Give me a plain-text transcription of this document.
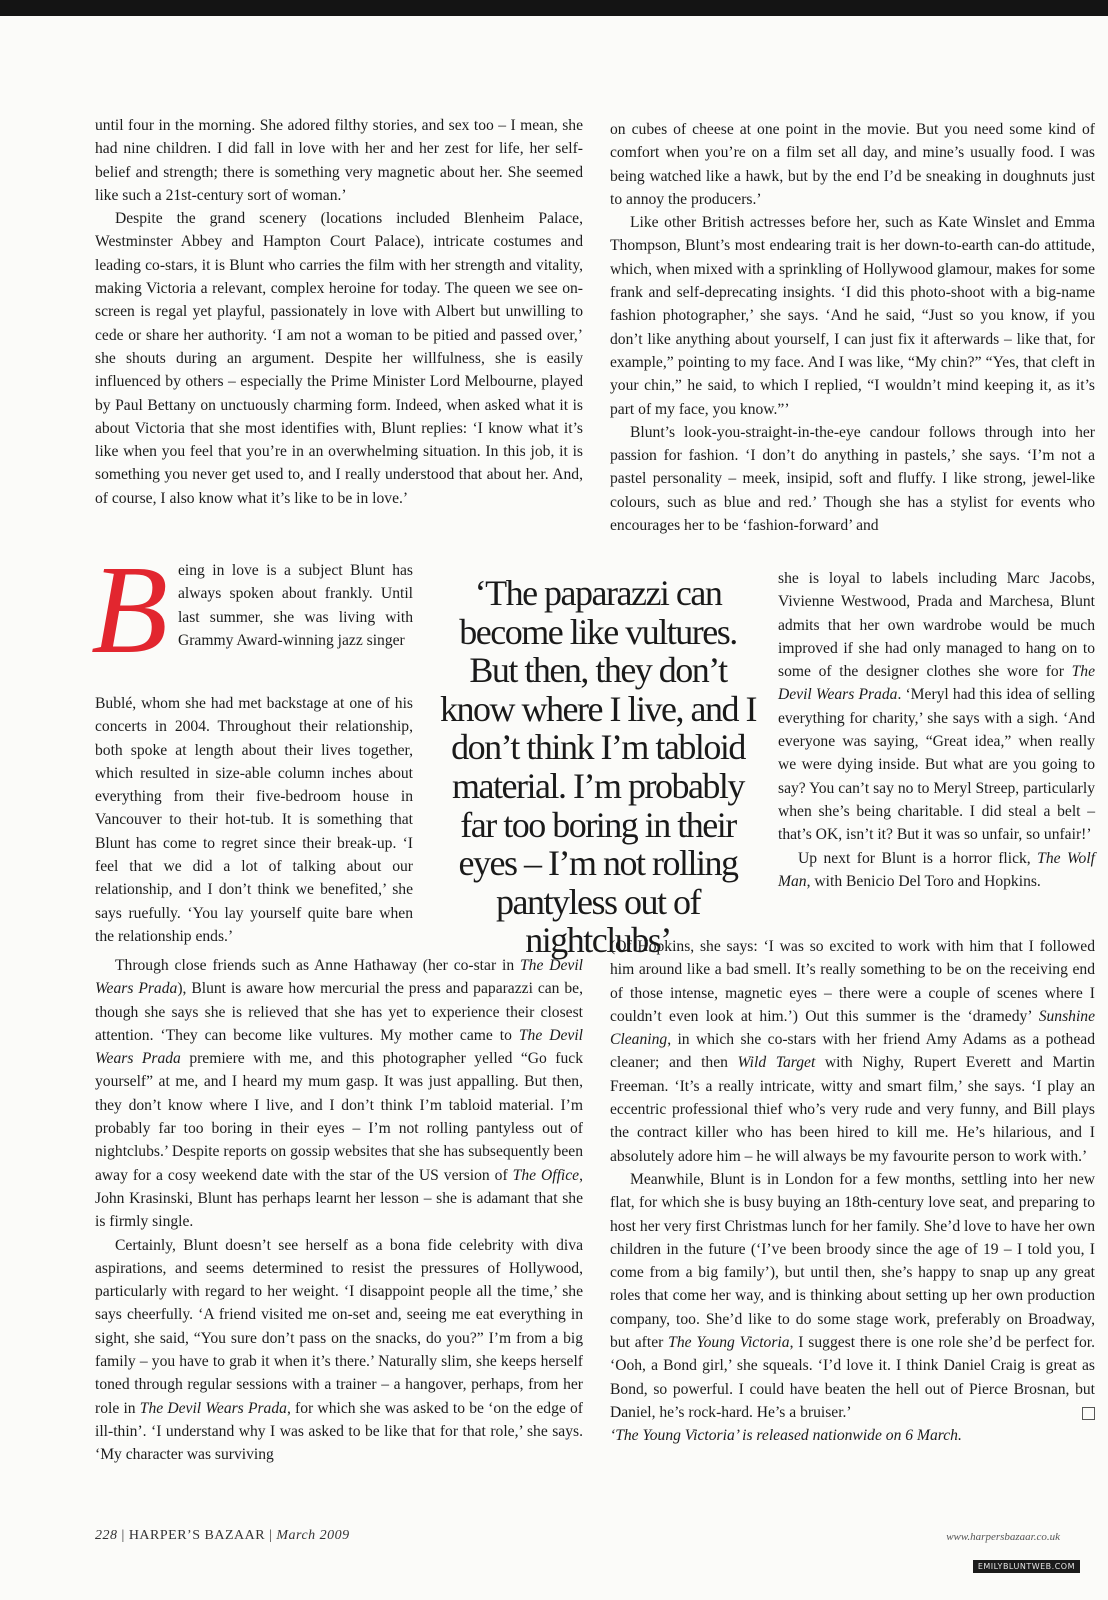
until four in the morning. She adored filthy stories, and sex too – I mean, she had nine children. I did fall in love with her and her zest for life, her self-belief and strength; there is something very magnetic about her. She seemed like such a 21st-century sort of woman.’

Despite the grand scenery (locations included Blenheim Palace, Westminster Abbey and Hampton Court Palace), intricate costumes and leading co-stars, it is Blunt who carries the film with her strength and vitality, making Victoria a relevant, complex heroine for today. The queen we see on-screen is regal yet playful, passionately in love with Albert but unwilling to cede or share her authority. ‘I am not a woman to be pitied and passed over,’ she shouts during an argument. Despite her willfulness, she is easily influenced by others – especially the Prime Minister Lord Melbourne, played by Paul Bettany on unctuously charming form. Indeed, when asked what it is about Victoria that she most identifies with, Blunt replies: ‘I know what it’s like when you feel that you’re in an overwhelming situation. In this job, it is something you never get used to, and I really understood that about her. And, of course, I also know what it’s like to be in love.’

Being in love is a subject Blunt has always spoken about frankly. Until last summer, she was living with Grammy Award-winning jazz singer

Bublé, whom she had met backstage at one of his concerts in 2004. Throughout their relationship, both spoke at length about their lives together, which resulted in size-able column inches about everything from their five-bedroom house in Vancouver to their hot-tub. It is something that Blunt has come to regret since their break-up. ‘I feel that we did a lot of talking about our relationship, and I don’t think we benefited,’ she says ruefully. ‘You lay yourself quite bare when the relationship ends.’

‘The paparazzi can become like vultures. But then, they don’t know where I live, and I don’t think I’m tabloid material. I’m probably far too boring in their eyes – I’m not rolling pantyless out of nightclubs’

Through close friends such as Anne Hathaway (her co-star in The Devil Wears Prada), Blunt is aware how mercurial the press and paparazzi can be, though she says she is relieved that she has yet to experience their closest attention. ‘They can become like vultures. My mother came to The Devil Wears Prada premiere with me, and this photographer yelled “Go fuck yourself” at me, and I heard my mum gasp. It was just appalling. But then, they don’t know where I live, and I don’t think I’m tabloid material. I’m probably far too boring in their eyes – I’m not rolling pantyless out of nightclubs.’ Despite reports on gossip websites that she has subsequently been away for a cosy weekend date with the star of the US version of The Office, John Krasinski, Blunt has perhaps learnt her lesson – she is adamant that she is firmly single.

Certainly, Blunt doesn’t see herself as a bona fide celebrity with diva aspirations, and seems determined to resist the pressures of Hollywood, particularly with regard to her weight. ‘I disappoint people all the time,’ she says cheerfully. ‘A friend visited me on-set and, seeing me eat everything in sight, she said, “You sure don’t pass on the snacks, do you?” I’m from a big family – you have to grab it when it’s there.’ Naturally slim, she keeps herself toned through regular sessions with a trainer – a hangover, perhaps, from her role in The Devil Wears Prada, for which she was asked to be ‘on the edge of ill-thin’. ‘I understand why I was asked to be like that for that role,’ she says. ‘My character was surviving

on cubes of cheese at one point in the movie. But you need some kind of comfort when you’re on a film set all day, and mine’s usually food. I was being watched like a hawk, but by the end I’d be sneaking in doughnuts just to annoy the producers.’

Like other British actresses before her, such as Kate Winslet and Emma Thompson, Blunt’s most endearing trait is her down-to-earth can-do attitude, which, when mixed with a sprinkling of Hollywood glamour, makes for some frank and self-deprecating insights. ‘I did this photo-shoot with a big-name fashion photographer,’ she says. ‘And he said, “Just so you know, if you don’t like anything about yourself, I can just fix it afterwards – like that, for example,” pointing to my face. And I was like, “My chin?” “Yes, that cleft in your chin,” he said, to which I replied, “I wouldn’t mind keeping it, as it’s part of my face, you know.”’

Blunt’s look-you-straight-in-the-eye candour follows through into her passion for fashion. ‘I don’t do anything in pastels,’ she says. ‘I’m not a pastel personality – meek, insipid, soft and fluffy. I like strong, jewel-like colours, such as blue and red.’ Though she has a stylist for events who encourages her to be ‘fashion-forward’ and

she is loyal to labels including Marc Jacobs, Vivienne Westwood, Prada and Marchesa, Blunt admits that her own wardrobe would be much improved if she had only managed to hang on to some of the designer clothes she wore for The Devil Wears Prada. ‘Meryl had this idea of selling everything for charity,’ she says with a sigh. ‘And everyone was saying, “Great idea,” when really we were dying inside. But what are you going to say? You can’t say no to Meryl Streep, particularly when she’s being charitable. I did steal a belt – that’s OK, isn’t it? But it was so unfair, so unfair!’

Up next for Blunt is a horror flick, The Wolf Man, with Benicio Del Toro and Hopkins.

(Of Hopkins, she says: ‘I was so excited to work with him that I followed him around like a bad smell. It’s really something to be on the receiving end of those intense, magnetic eyes – there were a couple of scenes where I couldn’t even look at him.’) Out this summer is the ‘dramedy’ Sunshine Cleaning, in which she co-stars with her friend Amy Adams as a pothead cleaner; and then Wild Target with Nighy, Rupert Everett and Martin Freeman. ‘It’s a really intricate, witty and smart film,’ she says. ‘I play an eccentric professional thief who’s very rude and very funny, and Bill plays the contract killer who has been hired to kill me. He’s hilarious, and I absolutely adore him – he will always be my favourite person to work with.’

Meanwhile, Blunt is in London for a few months, settling into her new flat, for which she is busy buying an 18th-century love seat, and preparing to host her very first Christmas lunch for her family. She’d love to have her own children in the future (‘I’ve been broody since the age of 19 – I told you, I come from a big family’), but until then, she’s happy to snap up any great roles that come her way, and is thinking about setting up her own production company, too. She’d like to do some stage work, preferably on Broadway, but after The Young Victoria, I suggest there is one role she’d be perfect for. ‘Ooh, a Bond girl,’ she squeals. ‘I’d love it. I think Daniel Craig is great as Bond, so powerful. I could have beaten the hell out of Pierce Brosnan, but Daniel, he’s rock-hard. He’s a bruiser.’

‘The Young Victoria’ is released nationwide on 6 March.

228 | HARPER’S BAZAAR | March 2009	www.harpersbazaar.co.uk
EMILYBLUNTWEB.COM
